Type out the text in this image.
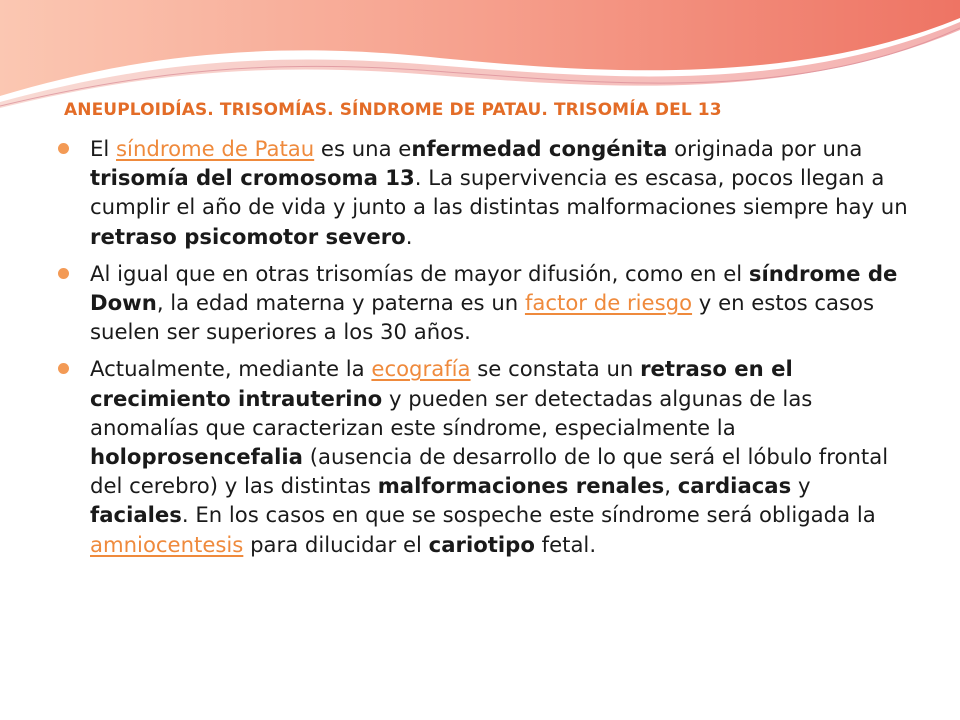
ANEUPLOIDÍAS. TRISOMÍAS. SÍNDROME DE PATAU. TRISOMÍA DEL 13
El síndrome de Patau es una enfermedad congénita originada por una trisomía del cromosoma 13. La supervivencia es escasa, pocos llegan a cumplir el año de vida y junto a las distintas malformaciones siempre hay un retraso psicomotor severo.
Al igual que en otras trisomías de mayor difusión, como en el síndrome de Down, la edad materna y paterna es un factor de riesgo y en estos casos suelen ser superiores a los 30 años.
Actualmente, mediante la ecografía se constata un retraso en el crecimiento intrauterino y pueden ser detectadas algunas de las anomalías que caracterizan este síndrome, especialmente la holoprosencefalia (ausencia de desarrollo de lo que será el lóbulo frontal del cerebro) y las distintas malformaciones renales, cardiacas y faciales. En los casos en que se sospeche este síndrome será obligada la amniocentesis para dilucidar el cariotipo fetal.
